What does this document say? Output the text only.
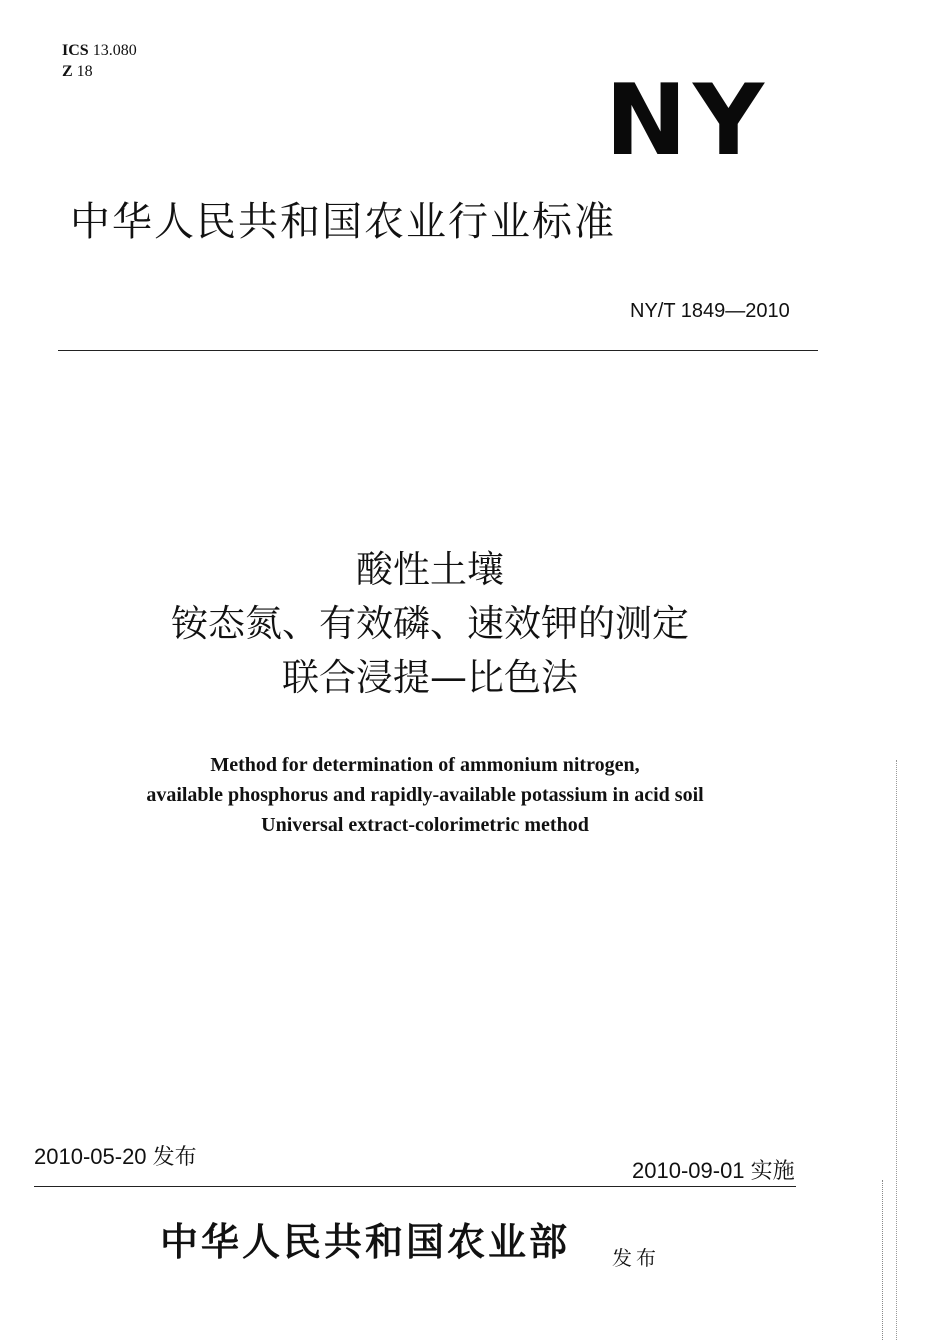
ICS 13.080
Z 18	NY
中华人民共和国农业行业标准
NY/T 1849—2010
酸性土壤
铵态氮、有效磷、速效钾的测定
联合浸提—比色法
Method for determination of ammonium nitrogen,
available phosphorus and rapidly-available potassium in acid soil
Universal extract-colorimetric method
2010-05-20 发布
2010-09-01 实施
中华人民共和国农业部 发布
